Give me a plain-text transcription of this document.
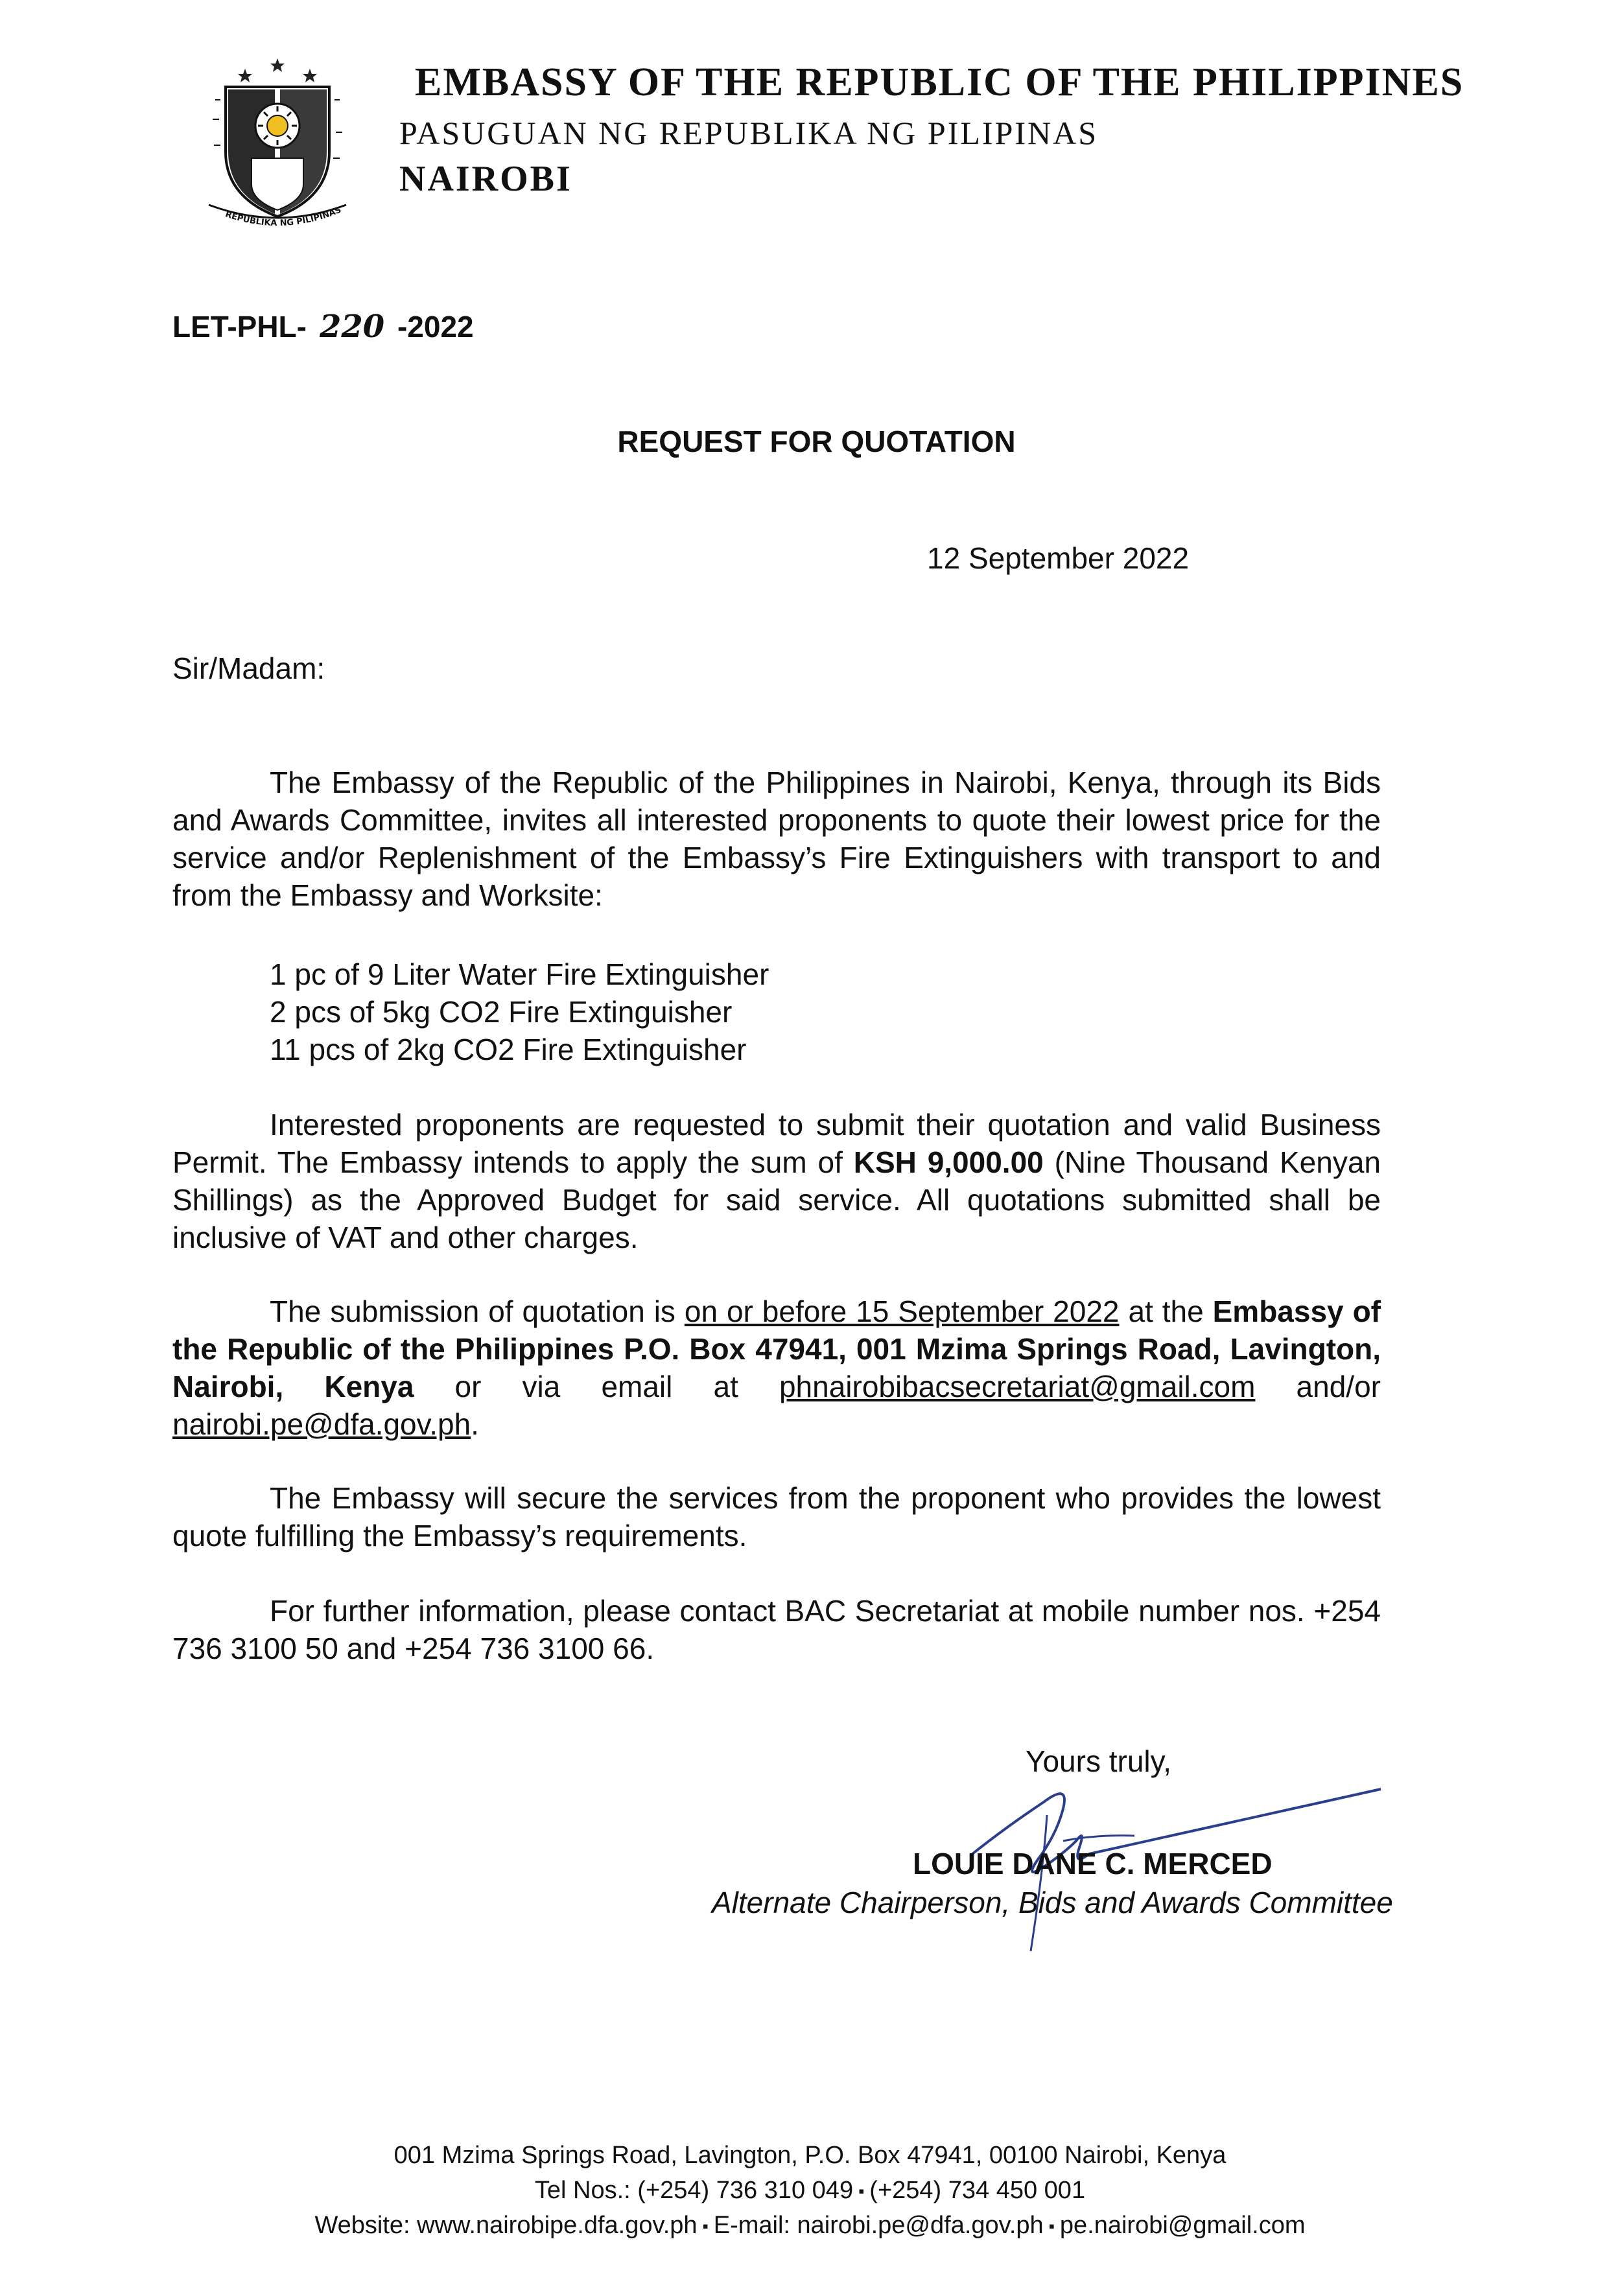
REPUBLIKA NG PILIPINAS
EMBASSY OF THE REPUBLIC OF THE PHILIPPINES
PASUGUAN NG REPUBLIKA NG PILIPINAS
NAIROBI
LET-PHL- 220 -2022
REQUEST FOR QUOTATION
12 September 2022
Sir/Madam:
The Embassy of the Republic of the Philippines in Nairobi, Kenya, through its Bids and Awards Committee, invites all interested proponents to quote their lowest price for the service and/or Replenishment of the Embassy’s Fire Extinguishers with transport to and from the Embassy and Worksite:
1 pc of 9 Liter Water Fire Extinguisher
2 pcs of 5kg CO2 Fire Extinguisher
11 pcs of 2kg CO2 Fire Extinguisher
Interested proponents are requested to submit their quotation and valid Business Permit. The Embassy intends to apply the sum of KSH 9,000.00 (Nine Thousand Kenyan Shillings) as the Approved Budget for said service. All quotations submitted shall be inclusive of VAT and other charges.
The submission of quotation is on or before 15 September 2022 at the Embassy of the Republic of the Philippines P.O. Box 47941, 001 Mzima Springs Road, Lavington, Nairobi, Kenya or via email at phnairobibacsecretariat@gmail.com and/or nairobi.pe@dfa.gov.ph.
The Embassy will secure the services from the proponent who provides the lowest quote fulfilling the Embassy’s requirements.
For further information, please contact BAC Secretariat at mobile number nos. +254 736 3100 50 and +254 736 3100 66.
Yours truly,
LOUIE DANE C. MERCED
Alternate Chairperson, Bids and Awards Committee
001 Mzima Springs Road, Lavington, P.O. Box 47941, 00100 Nairobi, Kenya
Tel Nos.: (+254) 736 310 049 ▪ (+254) 734 450 001
Website: www.nairobipe.dfa.gov.ph ▪ E-mail: nairobi.pe@dfa.gov.ph ▪ pe.nairobi@gmail.com
